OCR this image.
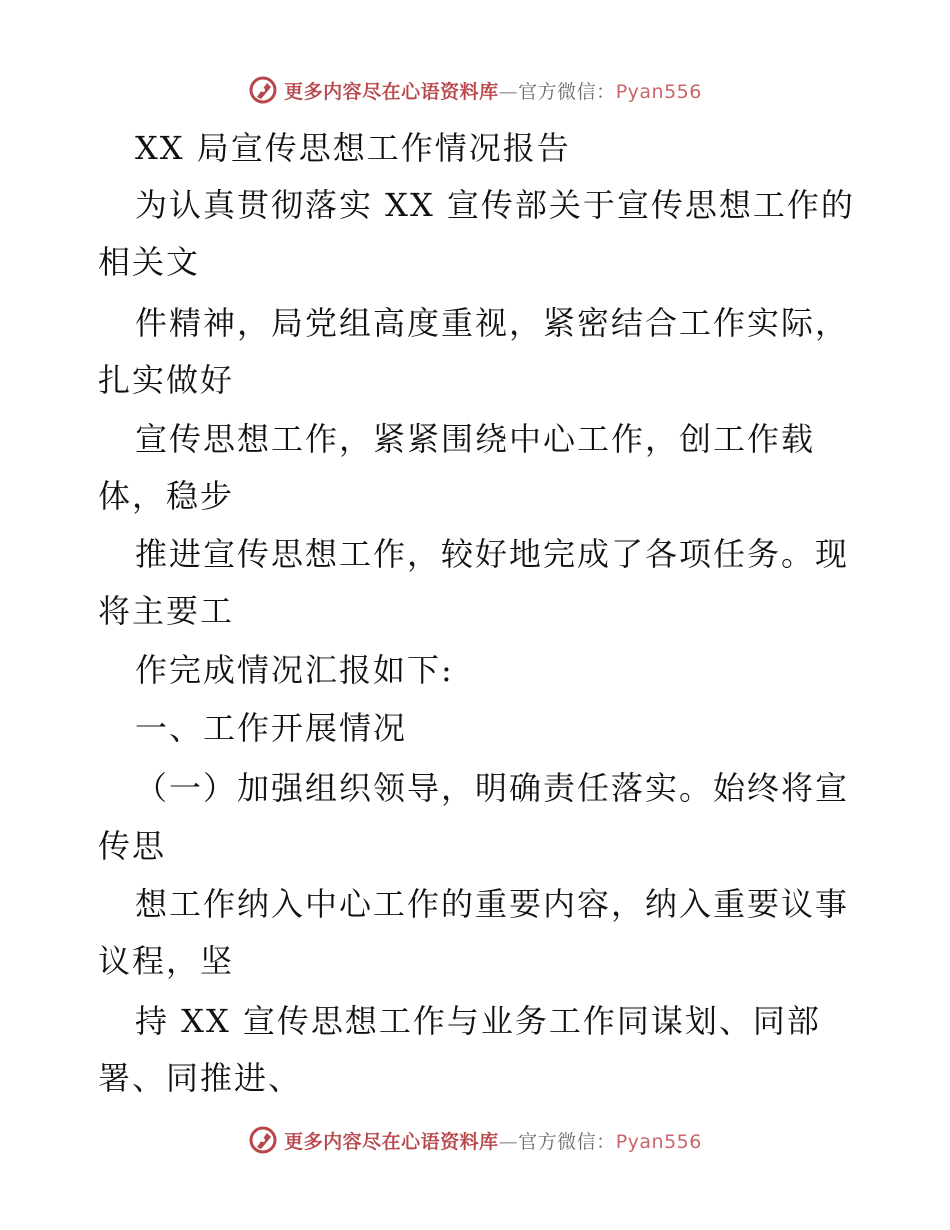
更多内容尽在心语资料库—官方微信：Pyan556
XX 局宣传思想工作情况报告
为认真贯彻落实 XX 宣传部关于宣传思想工作的
相关文
件精神，局党组高度重视，紧密结合工作实际，
扎实做好
宣传思想工作，紧紧围绕中心工作，创工作载
体，稳步
推进宣传思想工作，较好地完成了各项任务。现
将主要工
作完成情况汇报如下:
一、工作开展情况
（一）加强组织领导，明确责任落实。始终将宣
传思
想工作纳入中心工作的重要内容，纳入重要议事
议程，坚
持 XX 宣传思想工作与业务工作同谋划、同部
署、同推进、
更多内容尽在心语资料库—官方微信：Pyan556
